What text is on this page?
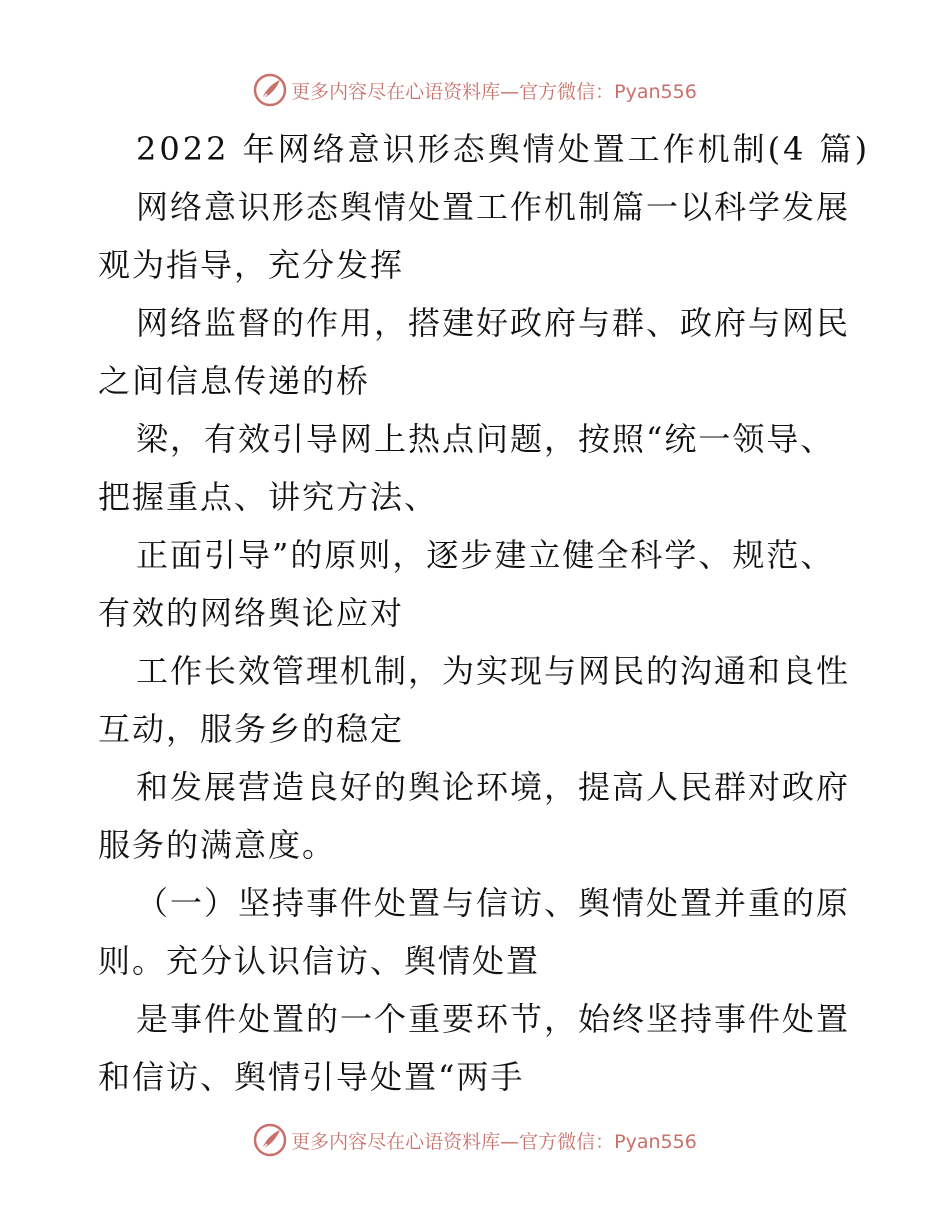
更多内容尽在心语资料库—官方微信：Pyan556
2022 年网络意识形态舆情处置工作机制(4 篇)
网络意识形态舆情处置工作机制篇一以科学发展
观为指导，充分发挥
网络监督的作用，搭建好政府与群、政府与网民
之间信息传递的桥
梁，有效引导网上热点问题，按照“统一领导、
把握重点、讲究方法、
正面引导”的原则，逐步建立健全科学、规范、
有效的网络舆论应对
工作长效管理机制，为实现与网民的沟通和良性
互动，服务乡的稳定
和发展营造良好的舆论环境，提高人民群对政府
服务的满意度。
（一）坚持事件处置与信访、舆情处置并重的原
则。充分认识信访、舆情处置
是事件处置的一个重要环节，始终坚持事件处置
和信访、舆情引导处置“两手
更多内容尽在心语资料库—官方微信：Pyan556
